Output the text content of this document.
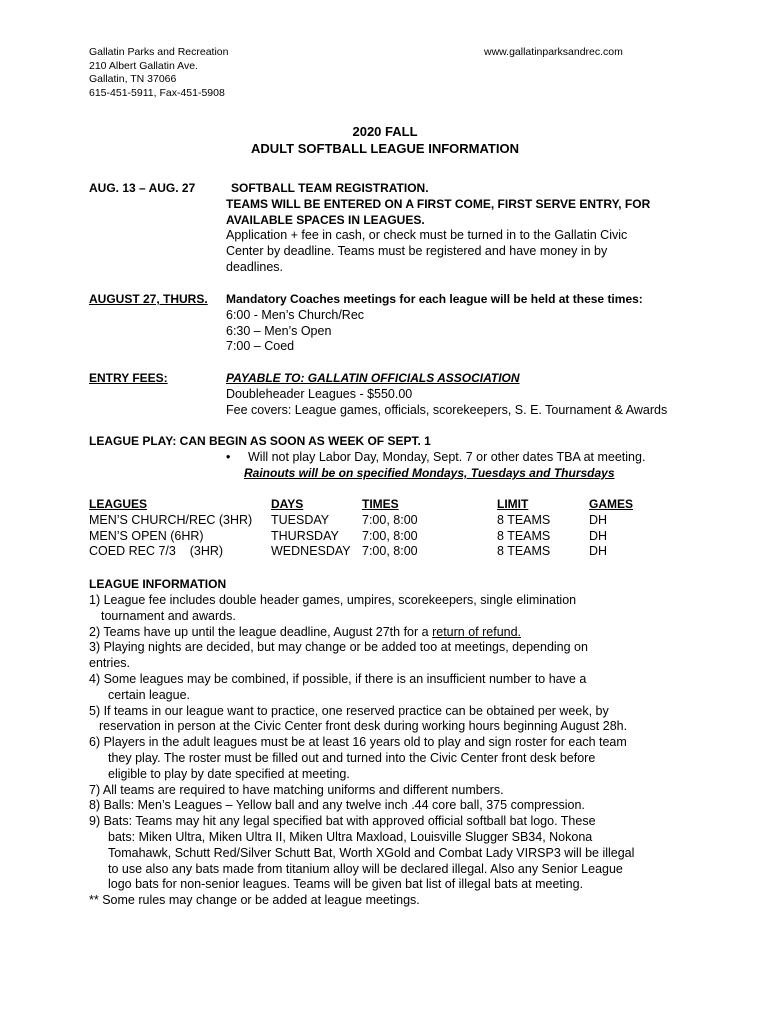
Gallatin Parks and Recreation
210 Albert Gallatin Ave.
Gallatin, TN 37066
615-451-5911, Fax-451-5908
www.gallatinparksandrec.com
2020 FALL
ADULT SOFTBALL LEAGUE INFORMATION
AUG. 13 – AUG. 27	SOFTBALL TEAM REGISTRATION.
TEAMS WILL BE ENTERED ON A FIRST COME, FIRST SERVE ENTRY, FOR
AVAILABLE SPACES IN LEAGUES.
Application + fee in cash, or check must be turned in to the Gallatin Civic
Center by deadline. Teams must be registered and have money in by
deadlines.
AUGUST 27, THURS. Mandatory Coaches meetings for each league will be held at these times:
6:00 - Men’s Church/Rec
6:30 – Men’s Open
7:00 – Coed
ENTRY FEES:	PAYABLE TO: GALLATIN OFFICIALS ASSOCIATION
Doubleheader Leagues - $550.00
Fee covers: League games, officials, scorekeepers, S. E. Tournament & Awards
LEAGUE PLAY: CAN BEGIN AS SOON AS WEEK OF SEPT. 1
• Will not play Labor Day, Monday, Sept. 7 or other dates TBA at meeting.
Rainouts will be on specified Mondays, Tuesdays and Thursdays
LEAGUES	DAYS	TIMES	LIMIT	GAMES
MEN’S CHURCH/REC (3HR)	TUESDAY	7:00, 8:00	8 TEAMS	DH
MEN’S OPEN (6HR)	THURSDAY	7:00, 8:00	8 TEAMS	DH
COED REC 7/3    (3HR)	WEDNESDAY	7:00, 8:00	8 TEAMS	DH
LEAGUE INFORMATION
1) League fee includes double header games, umpires, scorekeepers, single elimination
tournament and awards.
2) Teams have up until the league deadline, August 27th for a return of refund.
3) Playing nights are decided, but may change or be added too at meetings, depending on
entries.
4) Some leagues may be combined, if possible, if there is an insufficient number to have a
certain league.
5) If teams in our league want to practice, one reserved practice can be obtained per week, by
reservation in person at the Civic Center front desk during working hours beginning August 28h.
6) Players in the adult leagues must be at least 16 years old to play and sign roster for each team
they play. The roster must be filled out and turned into the Civic Center front desk before
eligible to play by date specified at meeting.
7) All teams are required to have matching uniforms and different numbers.
8) Balls: Men’s Leagues – Yellow ball and any twelve inch .44 core ball, 375 compression.
9) Bats: Teams may hit any legal specified bat with approved official softball bat logo. These
bats: Miken Ultra, Miken Ultra II, Miken Ultra Maxload, Louisville Slugger SB34, Nokona
Tomahawk, Schutt Red/Silver Schutt Bat, Worth XGold and Combat Lady VIRSP3 will be illegal
to use also any bats made from titanium alloy will be declared illegal. Also any Senior League
logo bats for non-senior leagues. Teams will be given bat list of illegal bats at meeting.
** Some rules may change or be added at league meetings.
